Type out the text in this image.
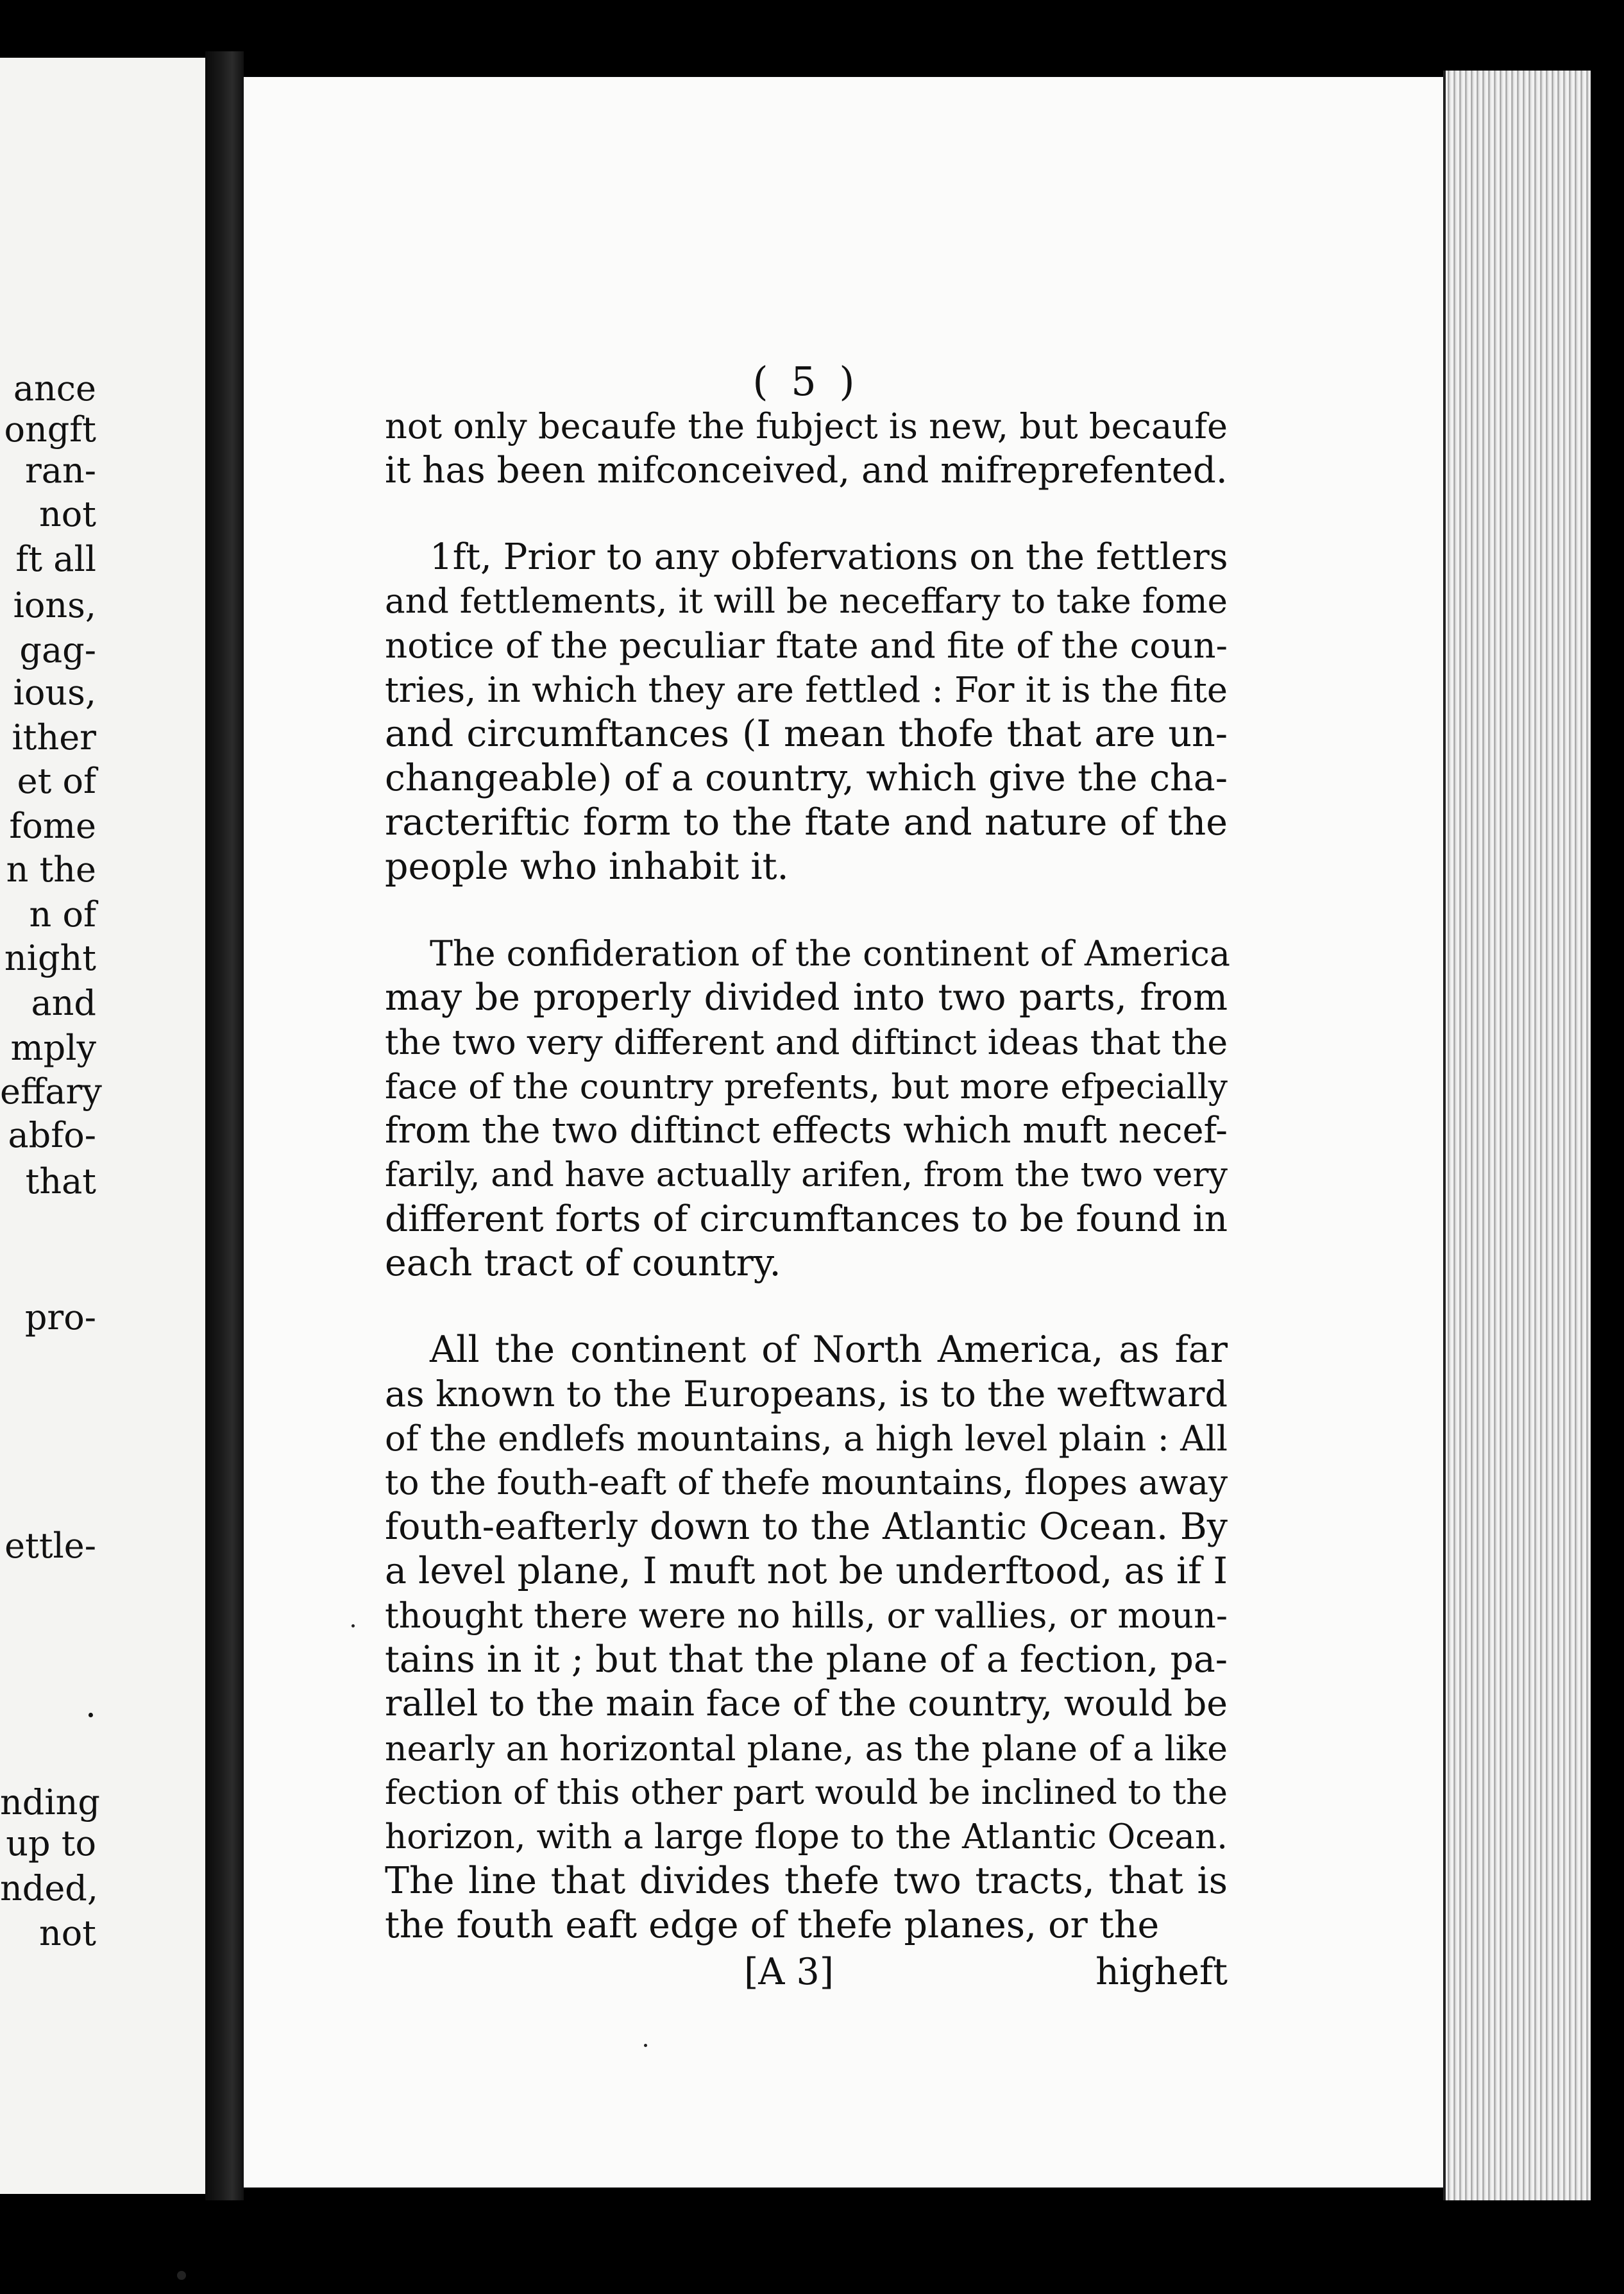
ance
ongft
ran-
not
ft all
ions,
gag-
ious,
ither
et of
fome
n the
n of
night
and
mply
effary
abfo-
that
pro-
ettle-
.
nding
up to
nded,
not
( 5 )
not only becaufe the fubject is new, but becaufe
it has been mifconceived, and mifreprefented.
1ft, Prior to any obfervations on the fettlers
and fettlements, it will be neceffary to take fome
notice of the peculiar ftate and fite of the coun-
tries, in which they are fettled : For it is the fite
and circumftances (I mean thofe that are un-
changeable) of a country, which give the cha-
racteriftic form to the ftate and nature of the
people who inhabit it.
The confideration of the continent of America
may be properly divided into two parts, from
the two very different and diftinct ideas that the
face of the country prefents, but more efpecially
from the two diftinct effects which muft necef-
farily, and have actually arifen, from the two very
different forts of circumftances to be found in
each tract of country.
All the continent of North America, as far
as known to the Europeans, is to the weftward
of the endlefs mountains, a high level plain : All
to the fouth-eaft of thefe mountains, flopes away
fouth-eafterly down to the Atlantic Ocean. By
a level plane, I muft not be underftood, as if I
thought there were no hills, or vallies, or moun-
tains in it ; but that the plane of a fection, pa-
rallel to the main face of the country, would be
nearly an horizontal plane, as the plane of a like
fection of this other part would be inclined to the
horizon, with a large flope to the Atlantic Ocean.
The line that divides thefe two tracts, that is
the fouth eaft edge of thefe planes, or the
[A 3]	higheft
